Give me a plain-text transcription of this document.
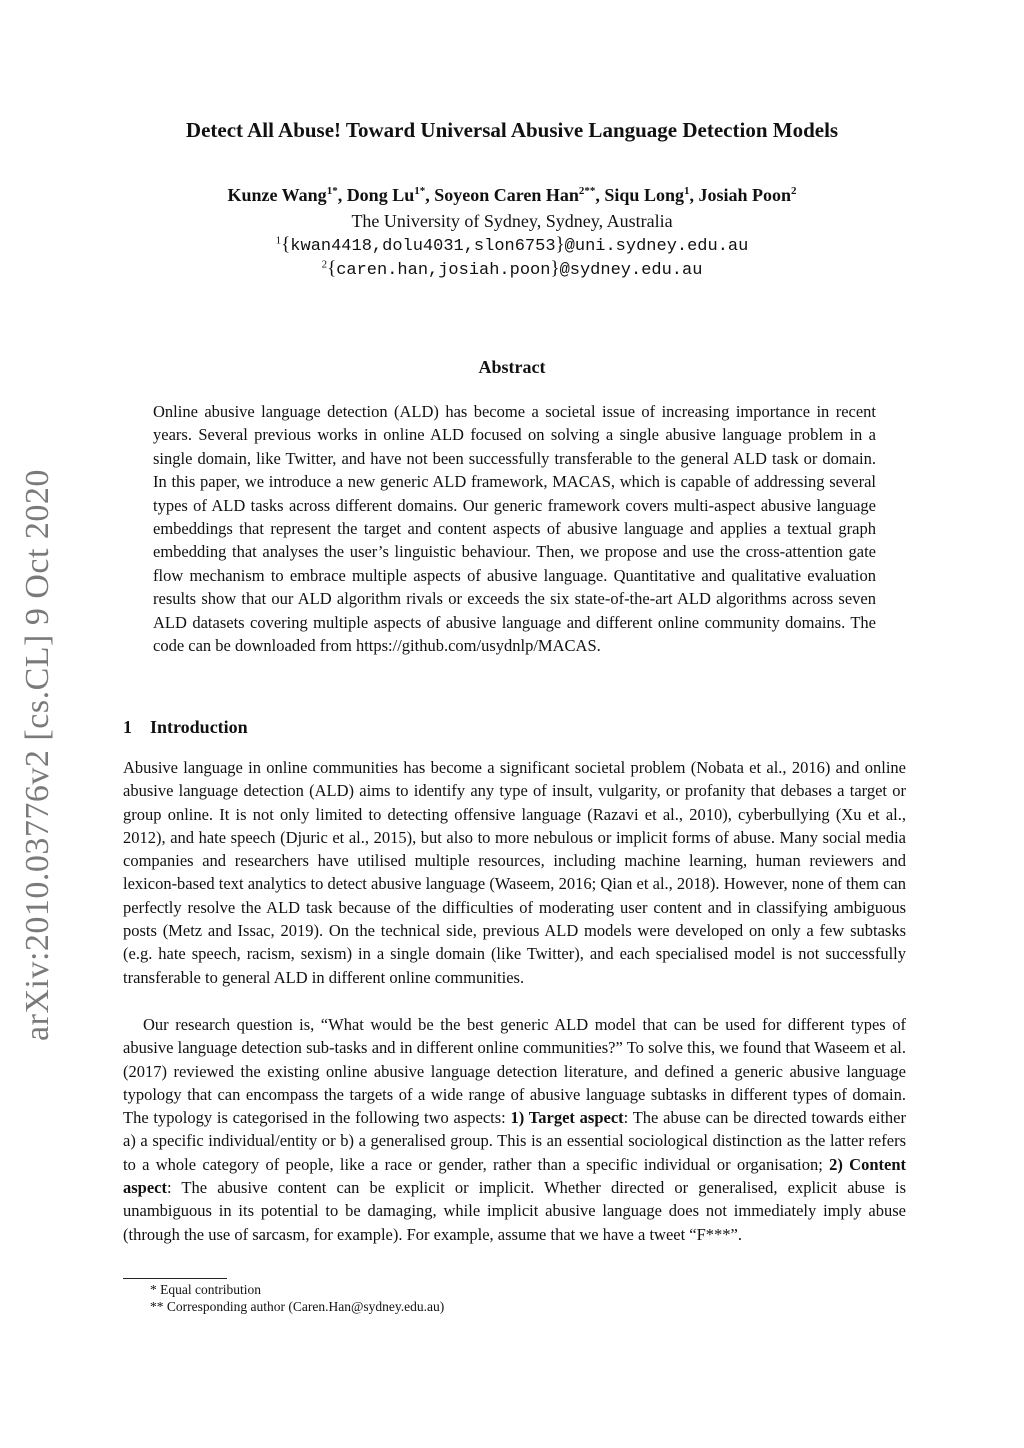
arXiv:2010.03776v2 [cs.CL] 9 Oct 2020
Detect All Abuse! Toward Universal Abusive Language Detection Models
Kunze Wang$^{1*}$, Dong $Lu^{1*}$, Soyeon Caren Han$^{2**}$, Siqu Long$^1$, Josiah Poon$^2$
The University of Sydney, Sydney, Australia
$^1${kwan4418,dolu4031,slon6753}@uni.sydney.edu.au
$^2${caren.han,josiah.poon}@sydney.edu.au
Abstract
Online abusive language detection (ALD) has become a societal issue of increasing importance in recent years. Several previous works in online ALD focused on solving a single abusive language problem in a single domain, like Twitter, and have not been successfully transferable to the general ALD task or domain. In this paper, we introduce a new generic ALD framework, MACAS, which is capable of addressing several types of ALD tasks across different domains. Our generic framework covers multi-aspect abusive language embeddings that represent the target and content aspects of abusive language and applies a textual graph embedding that analyses the user’s linguistic behaviour. Then, we propose and use the cross-attention gate flow mechanism to embrace multiple aspects of abusive language. Quantitative and qualitative evaluation results show that our ALD algorithm rivals or exceeds the six state-of-the-art ALD algorithms across seven ALD datasets covering multiple aspects of abusive language and different online community domains. The code can be downloaded from https://github.com/usydnlp/MACAS.
1 Introduction

Abusive language in online communities has become a significant societal problem (Nobata et al., 2016) and online abusive language detection (ALD) aims to identify any type of insult, vulgarity, or profanity that debases a target or group online. It is not only limited to detecting offensive language (Razavi et al., 2010), cyberbullying (Xu et al., 2012), and hate speech (Djuric et al., 2015), but also to more nebulous or implicit forms of abuse. Many social media companies and researchers have utilised multiple resources, including machine learning, human reviewers and lexicon-based text analytics to detect abusive language (Waseem, 2016; Qian et al., 2018). However, none of them can perfectly resolve the ALD task because of the difficulties of moderating user content and in classifying ambiguous posts (Metz and Issac, 2019). On the technical side, previous ALD models were developed on only a few subtasks (e.g. hate speech, racism, sexism) in a single domain (like Twitter), and each specialised model is not successfully transferable to general ALD in different online communities.

Our research question is, “What would be the best generic ALD model that can be used for different types of abusive language detection sub-tasks and in different online communities?” To solve this, we found that Waseem et al. (2017) reviewed the existing online abusive language detection literature, and defined a generic abusive language typology that can encompass the targets of a wide range of abusive language subtasks in different types of domain. The typology is categorised in the following two aspects: 1) Target aspect: The abuse can be directed towards either a) a specific individual/entity or b) a generalised group. This is an essential sociological distinction as the latter refers to a whole category of people, like a race or gender, rather than a specific individual or organisation; 2) Content aspect: The abusive content can be explicit or implicit. Whether directed or generalised, explicit abuse is unambiguous in its potential to be damaging, while implicit abusive language does not immediately imply abuse (through the use of sarcasm, for example). For example, assume that we have a tweet “F***”.

* Equal contribution
** Corresponding author (Caren.Han@sydney.edu.au)
